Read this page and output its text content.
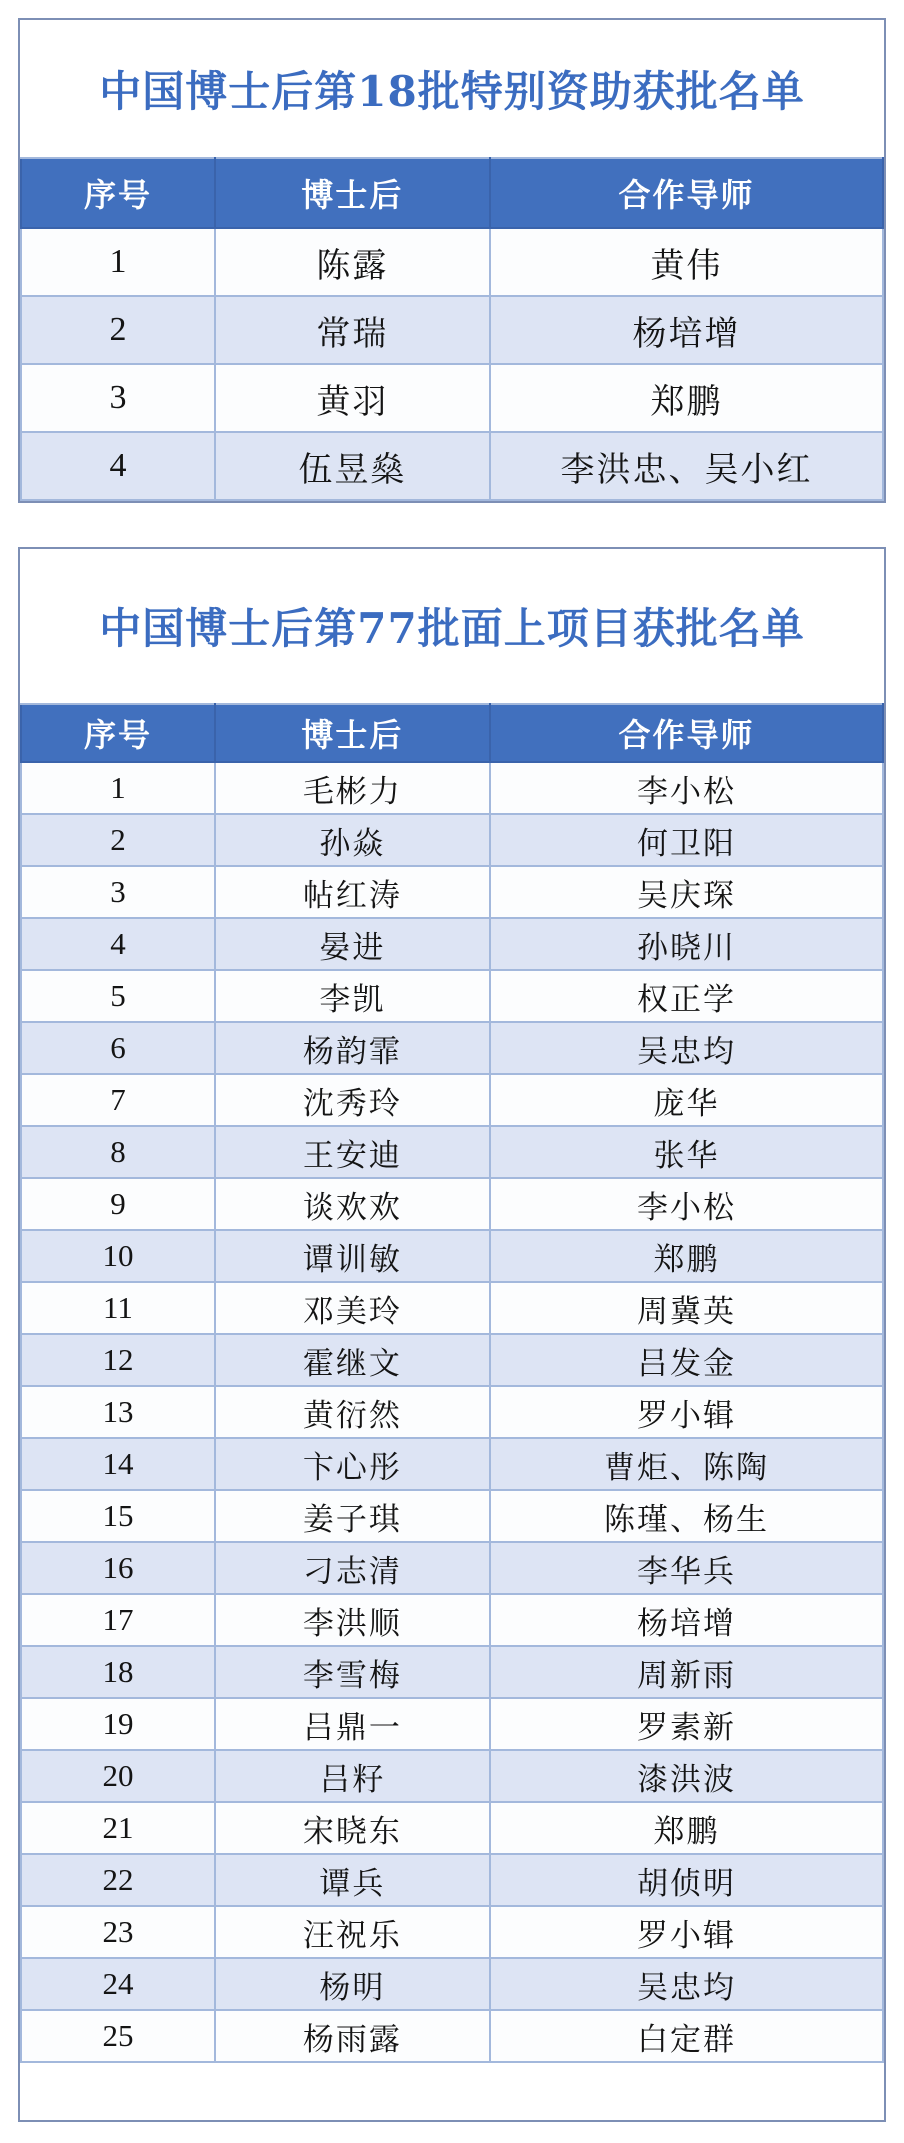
中国博士后第18批特别资助获批名单
序号	博士后	合作导师
1	陈露	黄伟
2	常瑞	杨培增
3	黄羽	郑鹏
4	伍昱燊	李洪忠、吴小红
中国博士后第77批面上项目获批名单
序号	博士后	合作导师
1	毛彬力	李小松
2	孙焱	何卫阳
3	帖红涛	吴庆琛
4	晏进	孙晓川
5	李凯	权正学
6	杨韵霏	吴忠均
7	沈秀玲	庞华
8	王安迪	张华
9	谈欢欢	李小松
10	谭训敏	郑鹏
11	邓美玲	周冀英
12	霍继文	吕发金
13	黄衍然	罗小辑
14	卞心彤	曹炬、陈陶
15	姜子琪	陈瑾、杨生
16	刁志清	李华兵
17	李洪顺	杨培增
18	李雪梅	周新雨
19	吕鼎一	罗素新
20	吕籽	漆洪波
21	宋晓东	郑鹏
22	谭兵	胡侦明
23	汪祝乐	罗小辑
24	杨明	吴忠均
25	杨雨露	白定群
